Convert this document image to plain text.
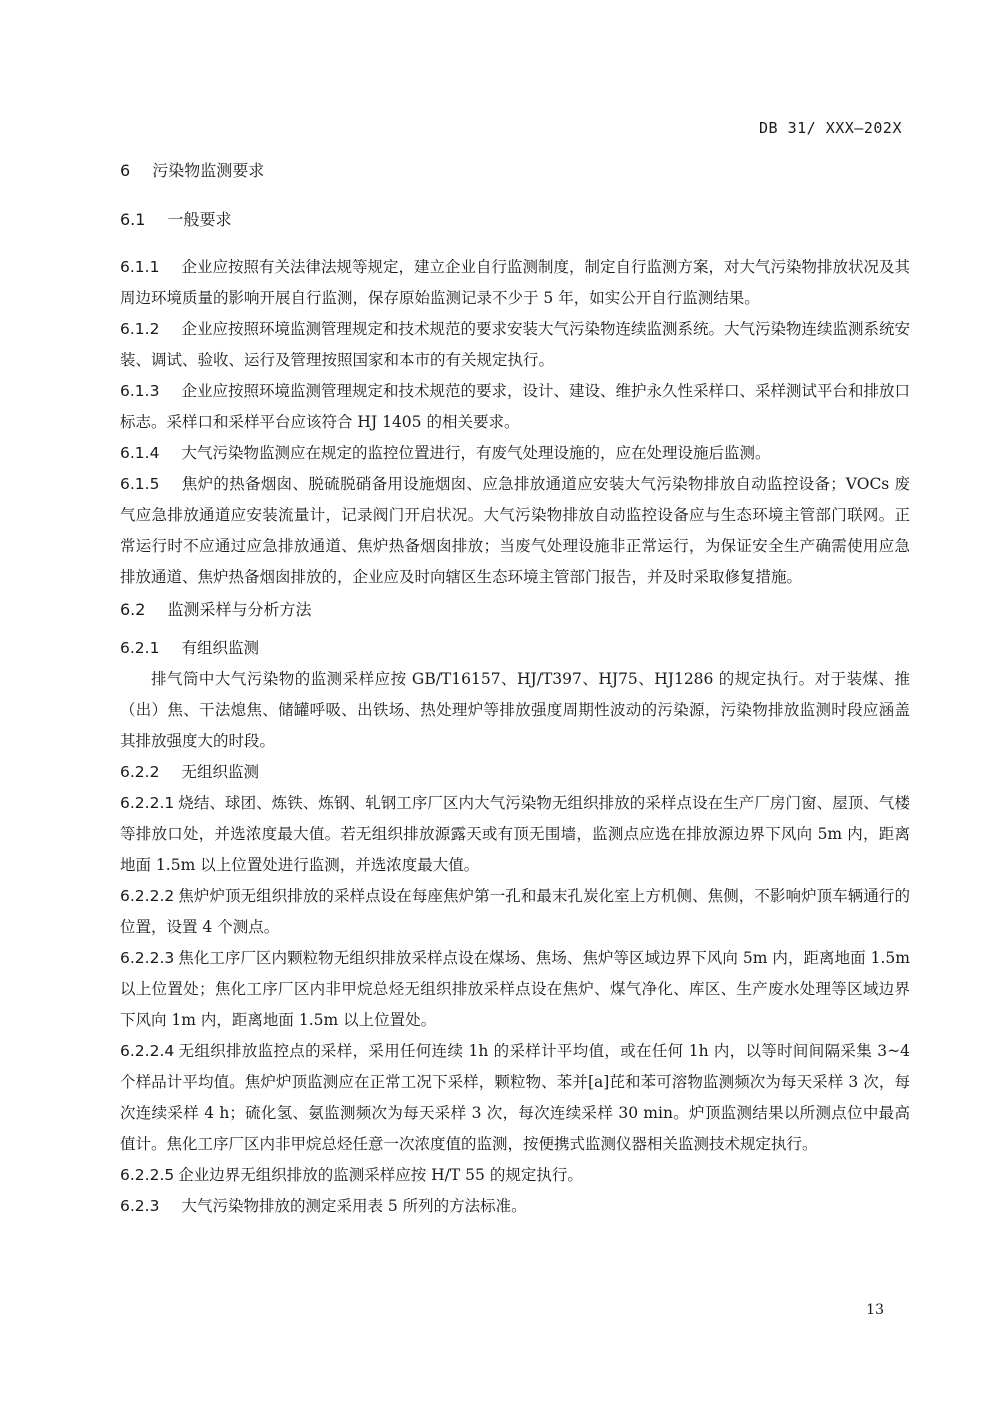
DB 31/ XXX—202X
6 污染物监测要求
6.1 一般要求

6.1.1 企业应按照有关法律法规等规定，建立企业自行监测制度，制定自行监测方案，对大气污染物排放状况及其周边环境质量的影响开展自行监测，保存原始监测记录不少于 5 年，如实公开自行监测结果。

6.1.2 企业应按照环境监测管理规定和技术规范的要求安装大气污染物连续监测系统。大气污染物连续监测系统安装、调试、验收、运行及管理按照国家和本市的有关规定执行。

6.1.3 企业应按照环境监测管理规定和技术规范的要求，设计、建设、维护永久性采样口、采样测试平台和排放口标志。采样口和采样平台应该符合 HJ 1405 的相关要求。

6.1.4 大气污染物监测应在规定的监控位置进行，有废气处理设施的，应在处理设施后监测。

6.1.5 焦炉的热备烟囱、脱硫脱硝备用设施烟囱、应急排放通道应安装大气污染物排放自动监控设备；VOCs 废气应急排放通道应安装流量计，记录阀门开启状况。大气污染物排放自动监控设备应与生态环境主管部门联网。正常运行时不应通过应急排放通道、焦炉热备烟囱排放；当废气处理设施非正常运行，为保证安全生产确需使用应急排放通道、焦炉热备烟囱排放的，企业应及时向辖区生态环境主管部门报告，并及时采取修复措施。

6.2 监测采样与分析方法
6.2.1 有组织监测

排气筒中大气污染物的监测采样应按 GB/T16157、HJ/T397、HJ75、HJ1286 的规定执行。对于装煤、推（出）焦、干法熄焦、储罐呼吸、出铁场、热处理炉等排放强度周期性波动的污染源，污染物排放监测时段应涵盖其排放强度大的时段。

6.2.2 无组织监测

6.2.2.1 烧结、球团、炼铁、炼钢、轧钢工序厂区内大气污染物无组织排放的采样点设在生产厂房门窗、屋顶、气楼等排放口处，并选浓度最大值。若无组织排放源露天或有顶无围墙，监测点应选在排放源边界下风向 5m 内，距离地面 1.5m 以上位置处进行监测，并选浓度最大值。

6.2.2.2 焦炉炉顶无组织排放的采样点设在每座焦炉第一孔和最末孔炭化室上方机侧、焦侧，不影响炉顶车辆通行的位置，设置 4 个测点。

6.2.2.3 焦化工序厂区内颗粒物无组织排放采样点设在煤场、焦场、焦炉等区域边界下风向 5m 内，距离地面 1.5m 以上位置处；焦化工序厂区内非甲烷总烃无组织排放采样点设在焦炉、煤气净化、库区、生产废水处理等区域边界下风向 1m 内，距离地面 1.5m 以上位置处。

6.2.2.4 无组织排放监控点的采样，采用任何连续 1h 的采样计平均值，或在任何 1h 内，以等时间间隔采集 3~4 个样品计平均值。焦炉炉顶监测应在正常工况下采样，颗粒物、苯并[a]芘和苯可溶物监测频次为每天采样 3 次，每次连续采样 4 h；硫化氢、氨监测频次为每天采样 3 次，每次连续采样 30 min。炉顶监测结果以所测点位中最高值计。焦化工序厂区内非甲烷总烃任意一次浓度值的监测，按便携式监测仪器相关监测技术规定执行。

6.2.2.5 企业边界无组织排放的监测采样应按 H/T 55 的规定执行。

6.2.3 大气污染物排放的测定采用表 5 所列的方法标准。

13
